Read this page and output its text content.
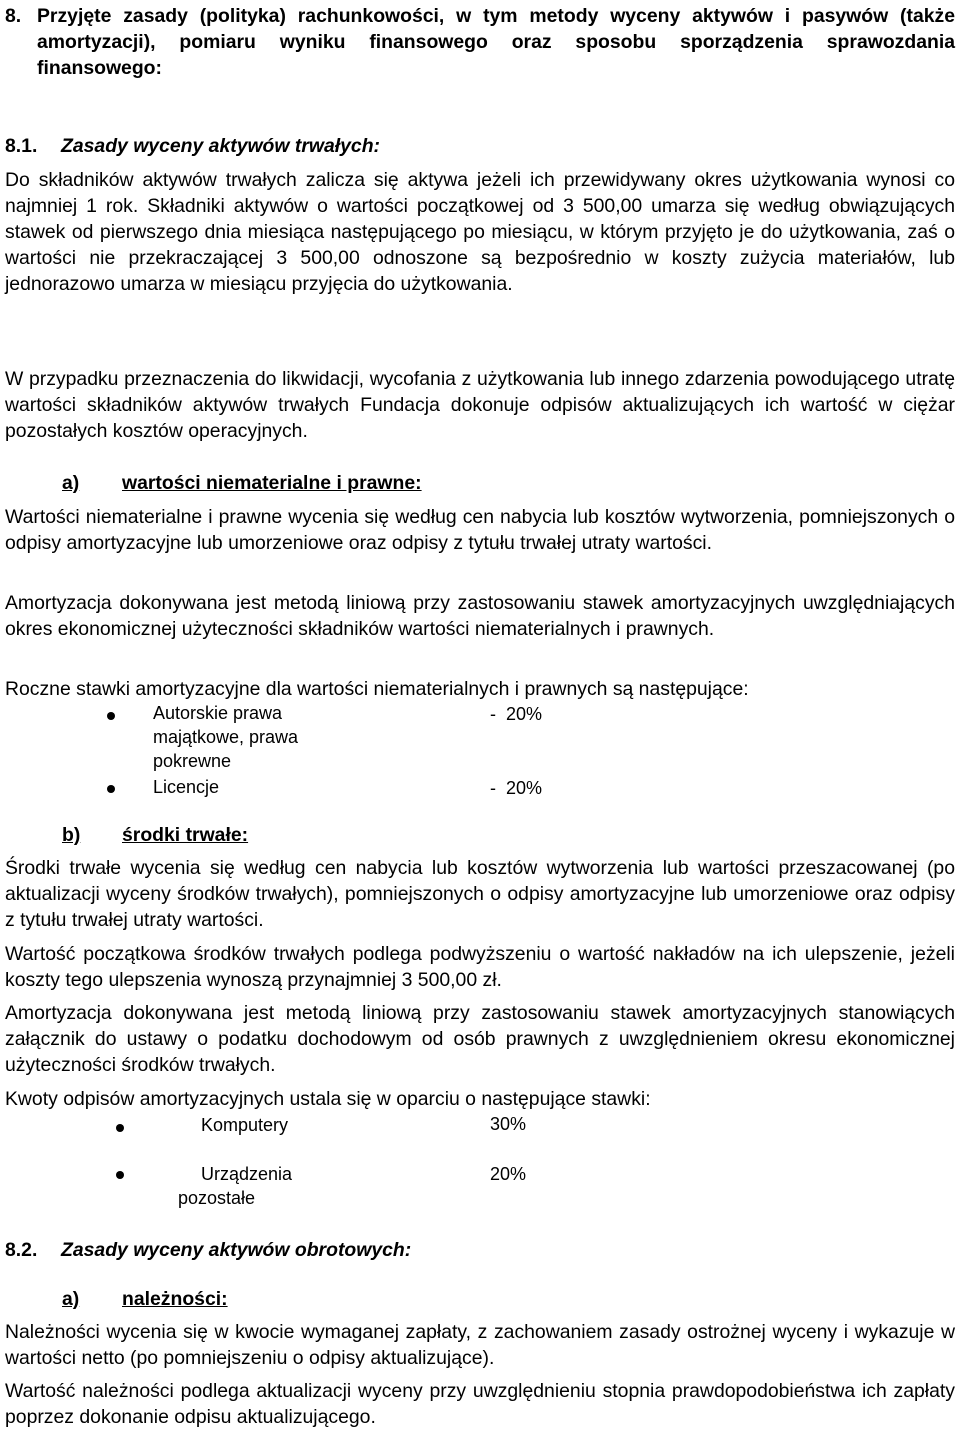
8. Przyjęte zasady (polityka) rachunkowości, w tym metody wyceny aktywów i pasywów (także amortyzacji), pomiaru wyniku finansowego oraz sposobu sporządzenia sprawozdania finansowego:
8.1. Zasady wyceny aktywów trwałych:
Do składników aktywów trwałych zalicza się aktywa jeżeli ich przewidywany okres użytkowania wynosi co najmniej 1 rok. Składniki aktywów o wartości początkowej od 3 500,00 umarza się według obwiązujących stawek od pierwszego dnia miesiąca następującego po miesiącu, w którym przyjęto je do użytkowania, zaś o wartości nie przekraczającej 3 500,00 odnoszone są bezpośrednio w koszty zużycia materiałów, lub jednorazowo umarza w miesiącu przyjęcia do użytkowania.
W przypadku przeznaczenia do likwidacji, wycofania z użytkowania lub innego zdarzenia powodującego utratę wartości składników aktywów trwałych Fundacja dokonuje odpisów aktualizujących ich wartość w ciężar pozostałych kosztów operacyjnych.
a) wartości niematerialne i prawne:
Wartości niematerialne i prawne wycenia się według cen nabycia lub kosztów wytworzenia, pomniejszonych o odpisy amortyzacyjne lub umorzeniowe oraz odpisy z tytułu trwałej utraty wartości.
Amortyzacja dokonywana jest metodą liniową przy zastosowaniu stawek amortyzacyjnych uwzględniających okres ekonomicznej użyteczności składników wartości niematerialnych i prawnych.
Roczne stawki amortyzacyjne dla wartości niematerialnych i prawnych są następujące:
Autorskie prawa
majątkowe, prawa
pokrewne
-  20%
Licencje	-  20%
b) środki trwałe:
Środki trwałe wycenia się według cen nabycia lub kosztów wytworzenia lub wartości przeszacowanej (po aktualizacji wyceny środków trwałych), pomniejszonych o odpisy amortyzacyjne lub umorzeniowe oraz odpisy z tytułu trwałej utraty wartości.
Wartość początkowa środków trwałych podlega podwyższeniu o wartość nakładów na ich ulepszenie, jeżeli koszty tego ulepszenia wynoszą przynajmniej 3 500,00 zł.
Amortyzacja dokonywana jest metodą liniową przy zastosowaniu stawek amortyzacyjnych stanowiących załącznik do ustawy o podatku dochodowym od osób prawnych z uwzględnieniem okresu ekonomicznej użyteczności środków trwałych.
Kwoty odpisów amortyzacyjnych ustala się w oparciu o następujące stawki:
Komputery	30%
Urządzenia
pozostałe
20%
8.2. Zasady wyceny aktywów obrotowych:
a) należności:
Należności wycenia się w kwocie wymaganej zapłaty, z zachowaniem zasady ostrożnej wyceny i wykazuje w wartości netto (po pomniejszeniu o odpisy aktualizujące).
Wartość należności podlega aktualizacji wyceny przy uwzględnieniu stopnia prawdopodobieństwa ich zapłaty poprzez dokonanie odpisu aktualizującego.
